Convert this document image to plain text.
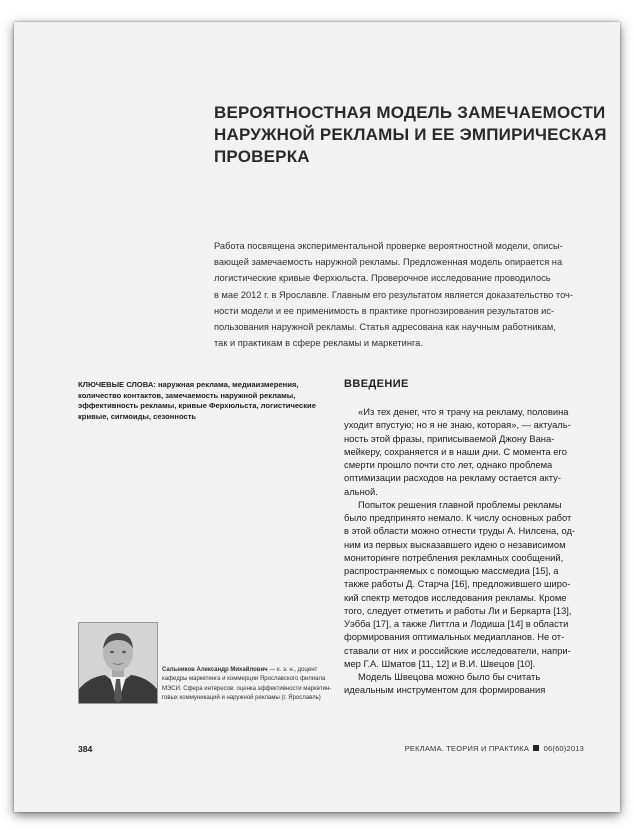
ВЕРОЯТНОСТНАЯ МОДЕЛЬ ЗАМЕЧАЕМОСТИ
НАРУЖНОЙ РЕКЛАМЫ И ЕЕ ЭМПИРИЧЕСКАЯ
ПРОВЕРКА
Работа посвящена экспериментальной проверке вероятностной модели, описы-
вающей замечаемость наружной рекламы. Предложенная модель опирается на
логистические кривые Ферхюльста. Проверочное исследование проводилось
в мае 2012 г. в Ярославле. Главным его результатом является доказательство точ-
ности модели и ее применимость в практике прогнозирования результатов ис-
пользования наружной рекламы. Статья адресована как научным работникам,
так и практикам в сфере рекламы и маркетинга.
КЛЮЧЕВЫЕ СЛОВА: наружная реклама, медиаизмерения,
количество контактов, замечаемость наружной рекламы,
эффективность рекламы, кривые Ферхюльста, логистические
кривые, сигмоиды, сезонность
ВВЕДЕНИЕ
«Из тех денег, что я трачу на рекламу, половина
уходит впустую; но я не знаю, которая», — актуаль-
ность этой фразы, приписываемой Джону Вана-
мейкеру, сохраняется и в наши дни. С момента его
смерти прошло почти сто лет, однако проблема
оптимизации расходов на рекламу остается акту-
альной.
Попыток решения главной проблемы рекламы
было предпринято немало. К числу основных работ
в этой области можно отнести труды А. Нилсена, од-
ним из первых высказавшего идею о независимом
мониторинге потребления рекламных сообщений,
распространяемых с помощью массмедиа [15], а
также работы Д. Старча [16], предложившего широ-
кий спектр методов исследования рекламы. Кроме
того, следует отметить и работы Ли и Беркарта [13],
Уэбба [17], а также Литтла и Лодиша [14] в области
формирования оптимальных медиапланов. Не от-
ставали от них и российские исследователи, напри-
мер Г.А. Шматов [11, 12] и В.И. Швецов [10].
Модель Швецова можно было бы считать
идеальным инструментом для формирования
Сальников Александр Михайлович — к. э. н., доцент
кафедры маркетинга и коммерции Ярославского филиала
МЭСИ. Сфера интересов: оценка эффективности маркетин-
говых коммуникаций и наружной рекламы (г. Ярославль)
384	РЕКЛАМА. ТЕОРИЯ И ПРАКТИКА 06(60)2013
